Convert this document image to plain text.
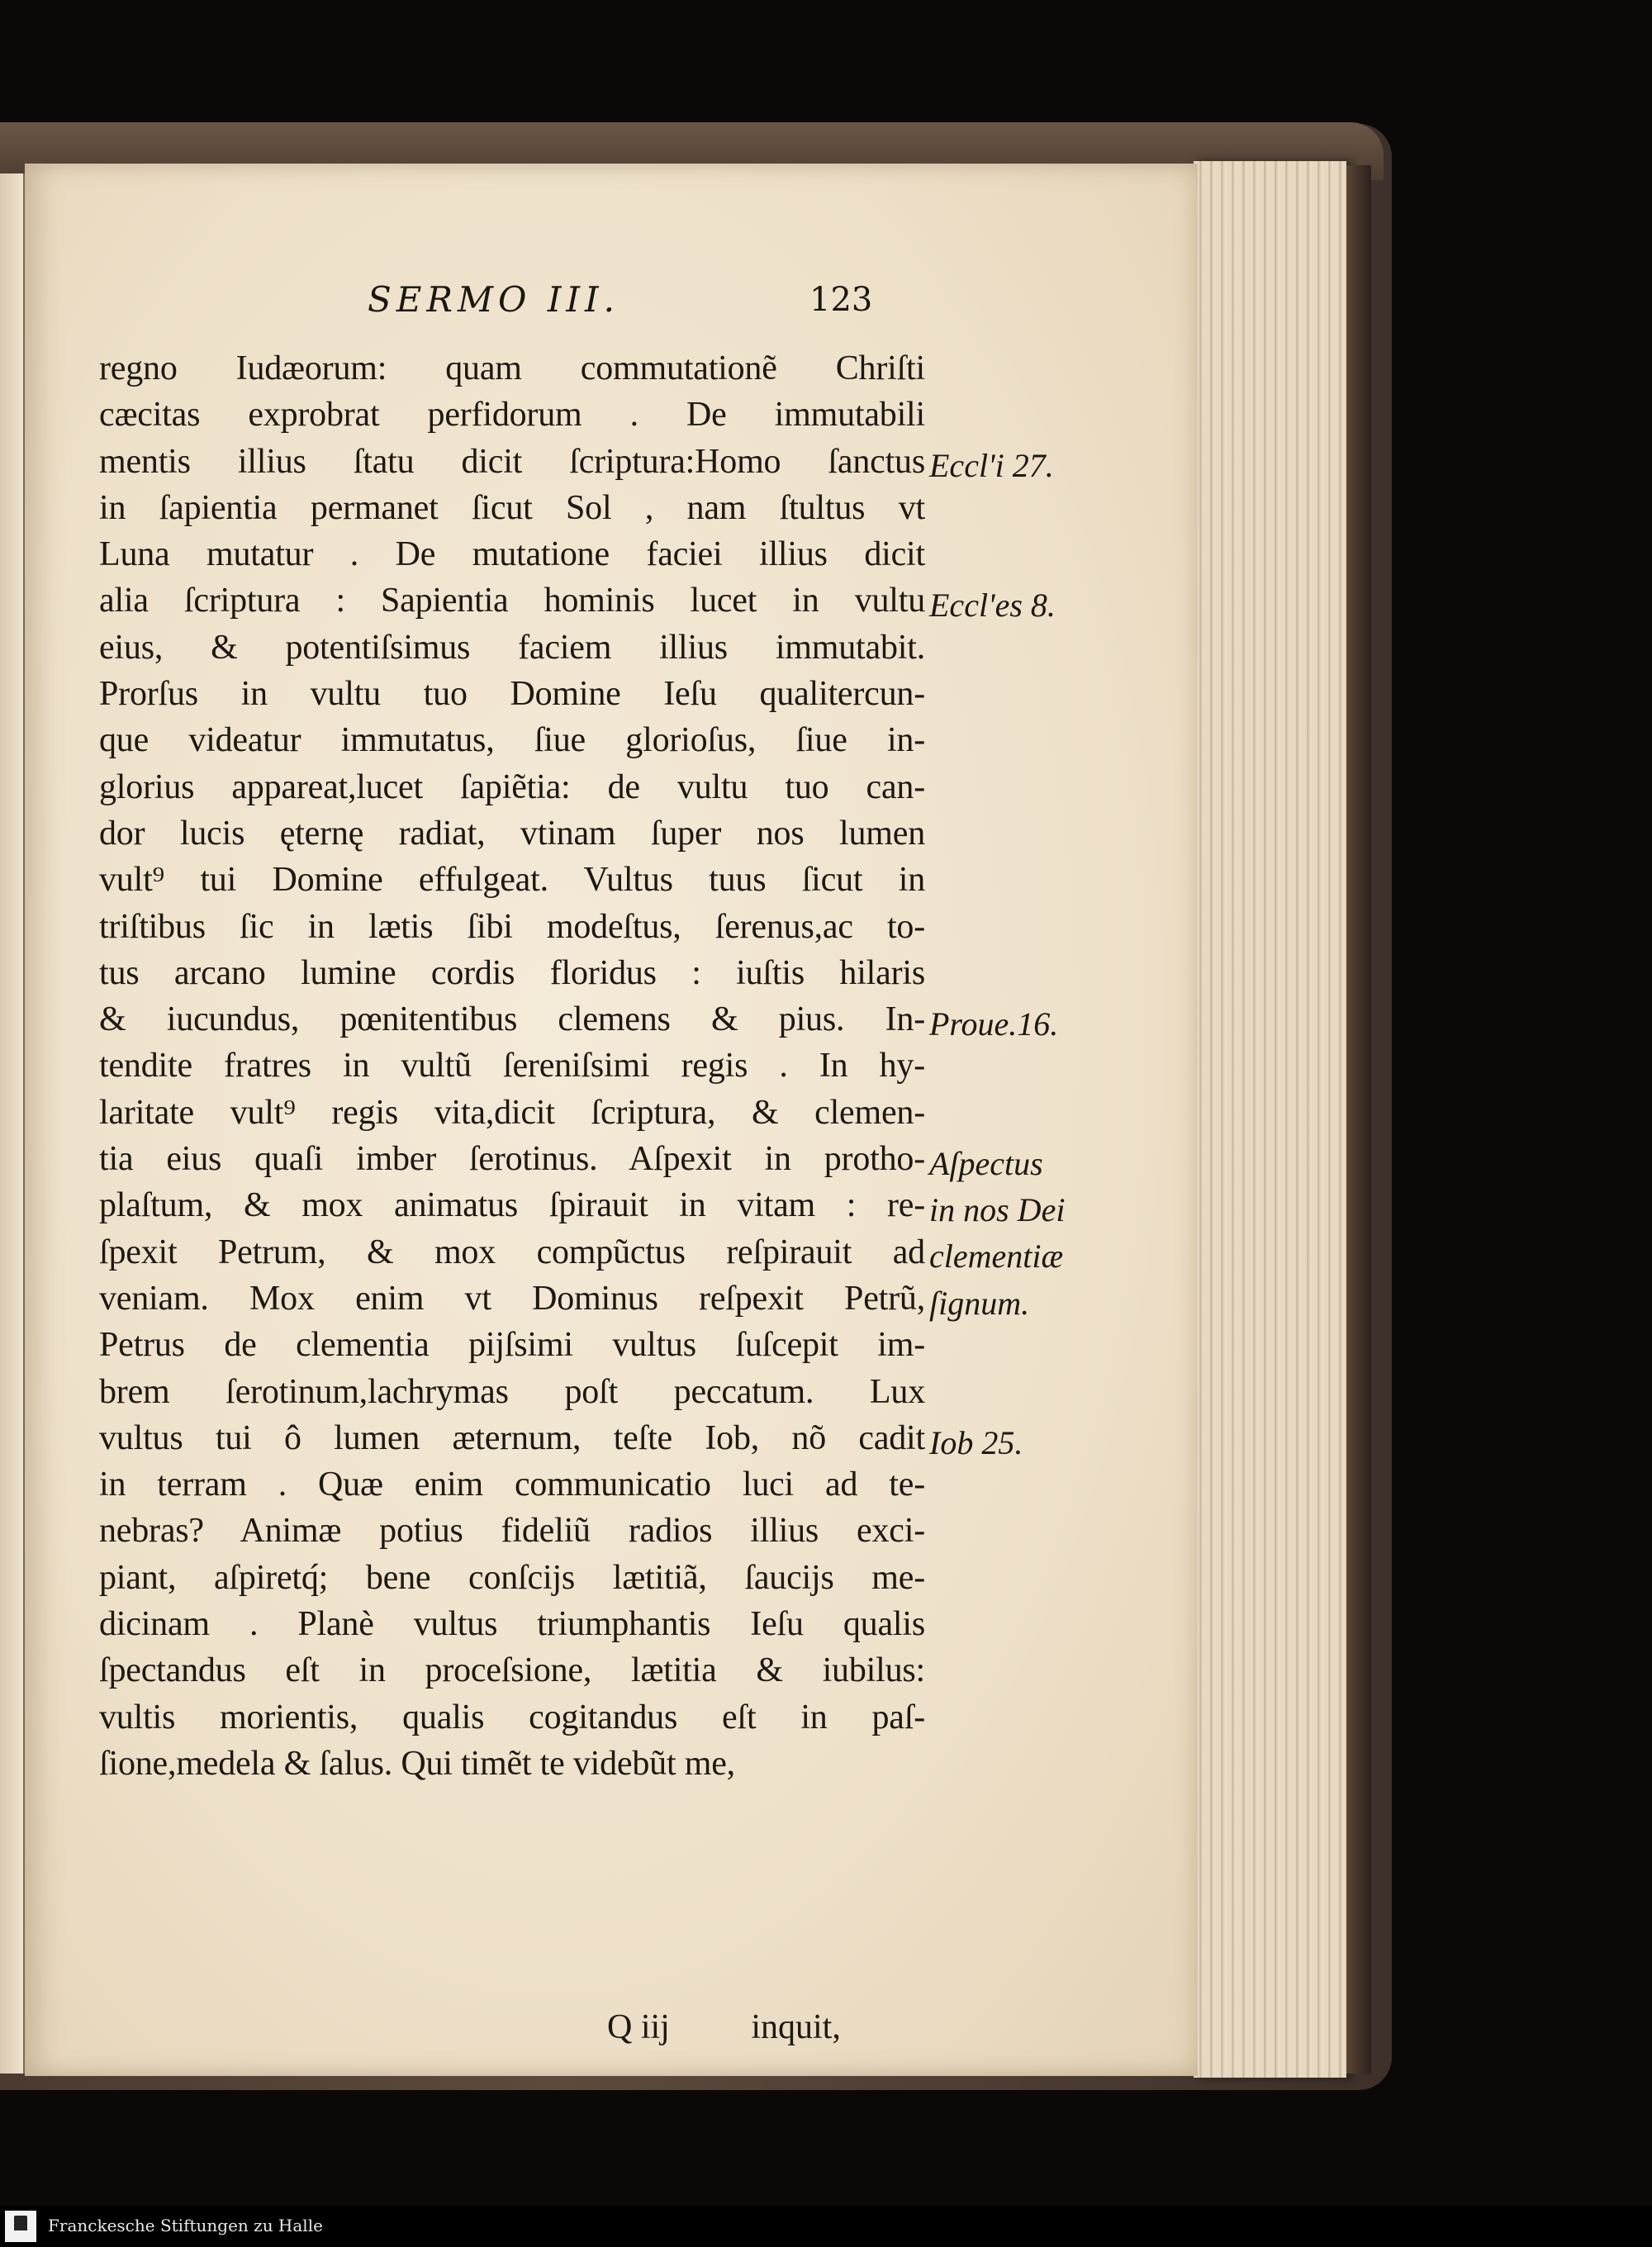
SERMO III.	123
regno Iudæorum: quam commutationẽ Chriſti
cæcitas exprobrat perfidorum . De immutabili
mentis illius ſtatu dicit ſcriptura:Homo ſanctus
in ſapientia permanet ſicut Sol , nam ſtultus vt
Luna mutatur . De mutatione faciei illius dicit
alia ſcriptura : Sapientia hominis lucet in vultu
eius, & potentiſsimus faciem illius immutabit.
Prorſus in vultu tuo Domine Ieſu qualitercun-
que videatur immutatus, ſiue glorioſus, ſiue in-
glorius appareat,lucet ſapiẽtia: de vultu tuo can-
dor lucis ęternę radiat, vtinam ſuper nos lumen
vult⁹ tui Domine effulgeat. Vultus tuus ſicut in
triſtibus ſic in lætis ſibi modeſtus, ſerenus,ac to-
tus arcano lumine cordis floridus : iuſtis hilaris
& iucundus, pœnitentibus clemens & pius. In-
tendite fratres in vultũ ſereniſsimi regis . In hy-
laritate vult⁹ regis vita,dicit ſcriptura, & clemen-
tia eius quaſi imber ſerotinus. Aſpexit in protho-
plaſtum, & mox animatus ſpirauit in vitam : re-
ſpexit Petrum, & mox compũctus reſpirauit ad
veniam. Mox enim vt Dominus reſpexit Petrũ,
Petrus de clementia pijſsimi vultus ſuſcepit im-
brem ſerotinum,lachrymas poſt peccatum. Lux
vultus tui ô lumen æternum, teſte Iob, nõ cadit
in terram . Quæ enim communicatio luci ad te-
nebras? Animæ potius fideliũ radios illius exci-
piant, aſpiretq́; bene conſcijs lætitiã, ſaucijs me-
dicinam . Planè vultus triumphantis Ieſu qualis
ſpectandus eſt in proceſsione, lætitia & iubilus:
vultis morientis, qualis cogitandus eſt in paſ-
ſione,medela & ſalus. Qui timẽt te videbũt me,
Eccl'i 27.
Eccl'es 8.
Proue.16.
Aſpectus
in nos Dei
clementiæ
ſignum.
Iob 25.
Q iij inquit,
Franckesche Stiftungen zu Halle
